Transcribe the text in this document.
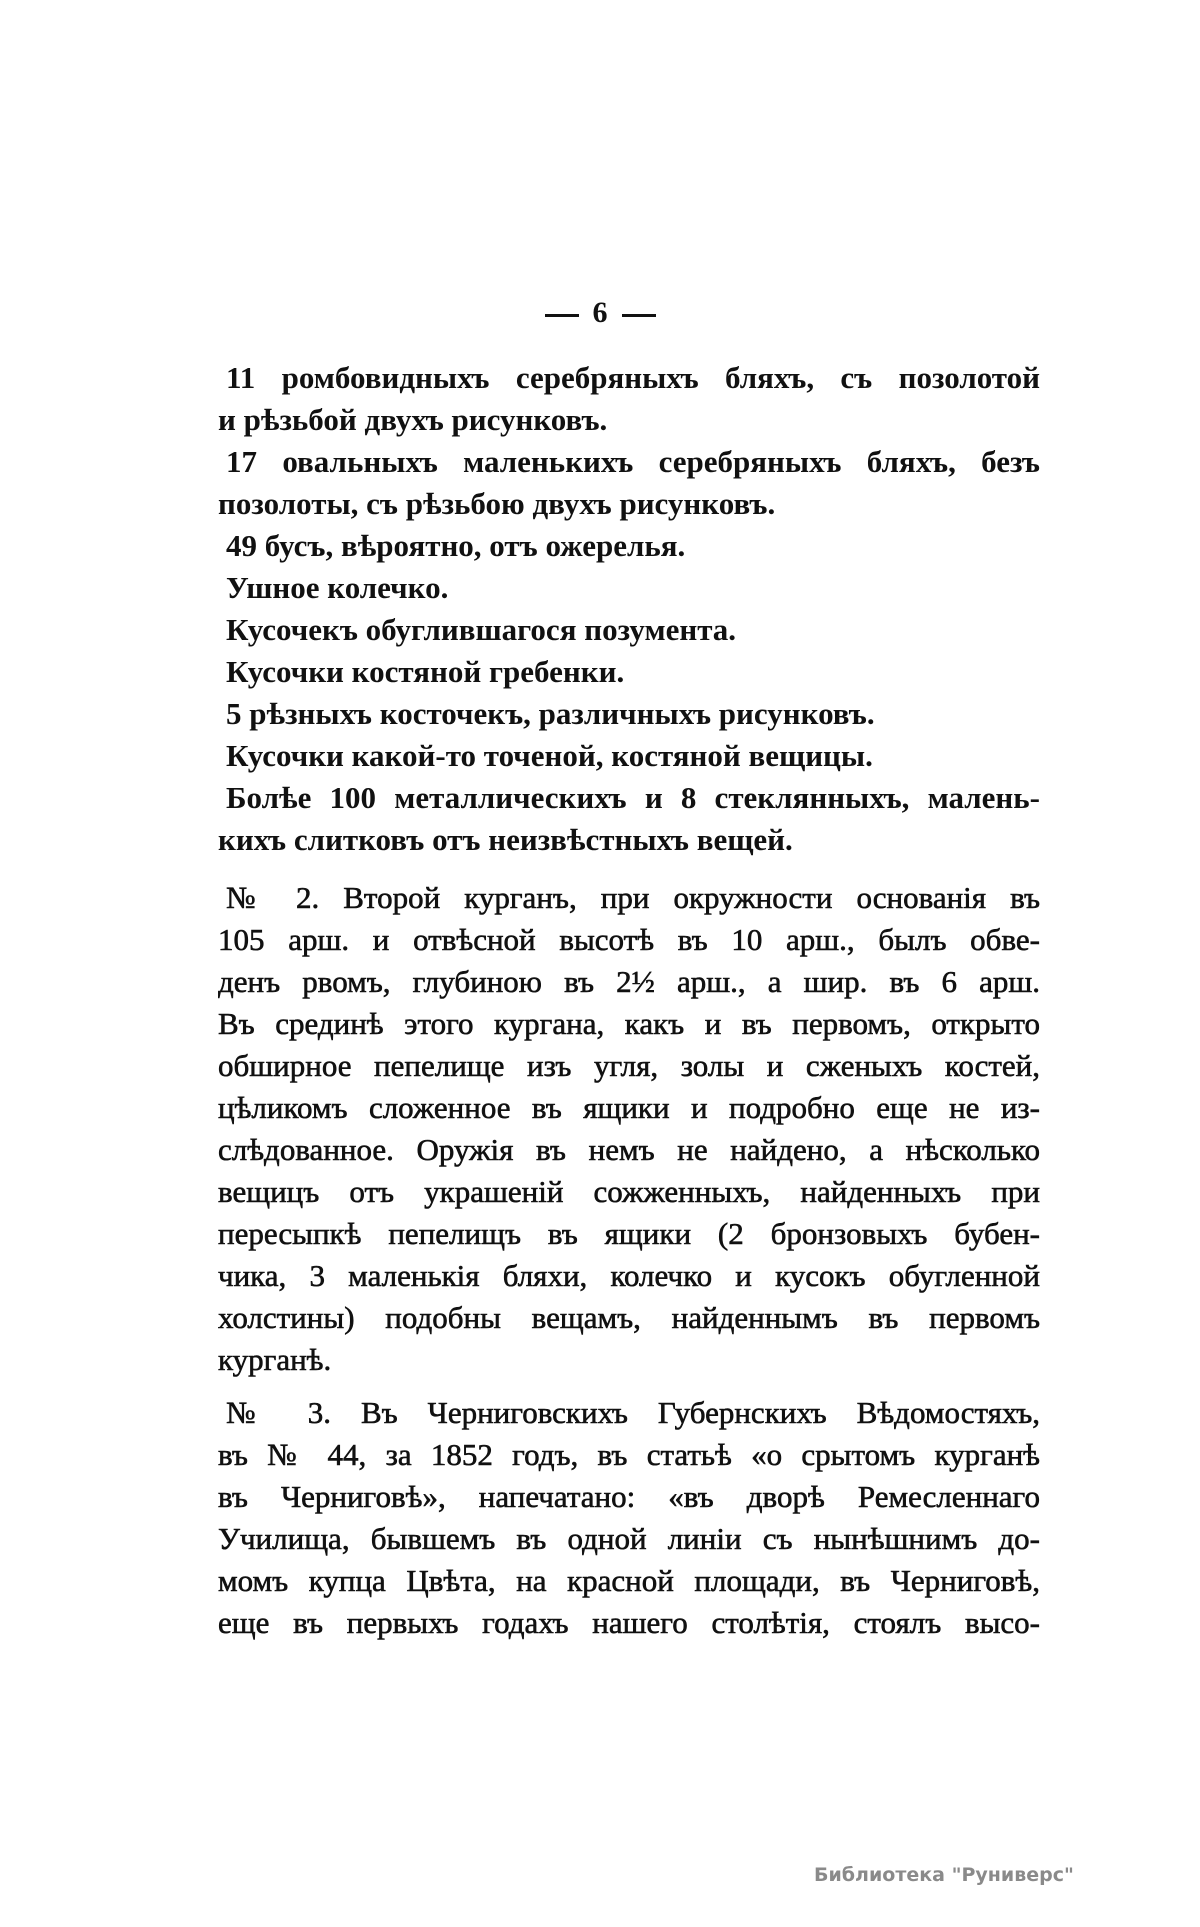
6
11 ромбовидныхъ серебряныхъ бляхъ, съ позолотой
и рѣзьбой двухъ рисунковъ.
17 овальныхъ маленькихъ серебряныхъ бляхъ, безъ
позолоты, съ рѣзьбою двухъ рисунковъ.
49 бусъ, вѣроятно, отъ ожерелья.
Ушное колечко.
Кусочекъ обуглившагося позумента.
Кусочки костяной гребенки.
5 рѣзныхъ косточекъ, различныхъ рисунковъ.
Кусочки какой-то точеной, костяной вещицы.
Болѣе 100 металлическихъ и 8 стеклянныхъ, малень-
кихъ слитковъ отъ неизвѣстныхъ вещей.
№ 2. Второй курганъ, при окружности основанія въ
105 арш. и отвѣсной высотѣ въ 10 арш., былъ обве-
денъ рвомъ, глубиною въ 2½ арш., а шир. въ 6 арш.
Въ срединѣ этого кургана, какъ и въ первомъ, открыто
обширное пепелище изъ угля, золы и сженыхъ костей,
цѣликомъ сложенное въ ящики и подробно еще не из-
слѣдованное. Оружія въ немъ не найдено, а нѣсколько
вещицъ отъ украшеній сожженныхъ, найденныхъ при
пересыпкѣ пепелищъ въ ящики (2 бронзовыхъ бубен-
чика, 3 маленькія бляхи, колечко и кусокъ обугленной
холстины) подобны вещамъ, найденнымъ въ первомъ
курганѣ.
№ 3. Въ Черниговскихъ Губернскихъ Вѣдомостяхъ,
въ № 44, за 1852 годъ, въ статьѣ «о срытомъ курганѣ
въ Черниговѣ», напечатано: «въ дворѣ Ремесленнаго
Училища, бывшемъ въ одной линіи съ нынѣшнимъ до-
момъ купца Цвѣта, на красной площади, въ Черниговѣ,
еще въ первыхъ годахъ нашего столѣтія, стоялъ высо-
Библиотека "Руниверс"
